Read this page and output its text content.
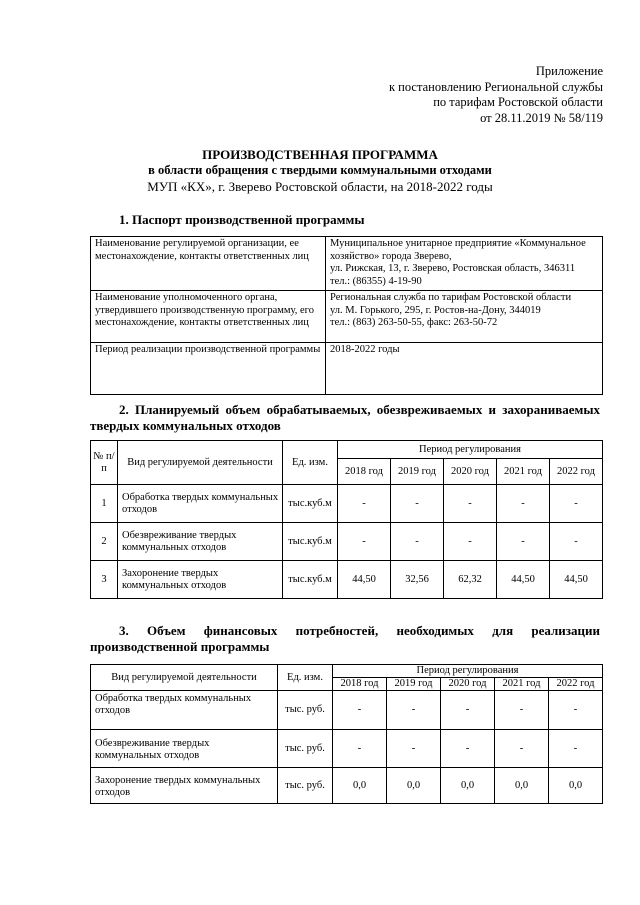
Приложение
к постановлению Региональной службы
по тарифам Ростовской области
от 28.11.2019 № 58/119
ПРОИЗВОДСТВЕННАЯ ПРОГРАММА
в области обращения с твердыми коммунальными отходами
МУП «КХ», г. Зверево Ростовской области, на 2018-2022 годы
1. Паспорт производственной программы
Наименование регулируемой организации, ее местонахождение, контакты ответственных лиц	Муниципальное унитарное предприятие «Коммунальное хозяйство» города Зверево,
ул. Рижская, 13, г. Зверево, Ростовская область, 346311
тел.: (86355) 4-19-90

Наименование уполномоченного органа, утвердившего производственную программу, его местонахождение, контакты ответственных лиц	Региональная служба по тарифам Ростовской области
ул. М. Горького, 295, г. Ростов-на-Дону, 344019
тел.: (863) 263-50-55, факс: 263-50-72

Период реализации производственной программы	2018-2022 годы
2. Планируемый объем обрабатываемых, обезвреживаемых и захораниваемых твердых коммунальных отходов
№ п/п	Вид регулируемой деятельности	Ед. изм.	Период регулирования				
			2018 год	2019 год	2020 год	2021 год	2022 год
1	Обработка твердых коммунальных отходов	тыс.куб.м	-	-	-	-	-
2	Обезвреживание твердых коммунальных отходов	тыс.куб.м	-	-	-	-	-
3	Захоронение твердых коммунальных отходов	тыс.куб.м	44,50	32,56	62,32	44,50	44,50
3. Объем финансовых потребностей, необходимых для реализации
производственной программы
Вид регулируемой деятельности	Ед. изм.	Период регулирования				
		2018 год	2019 год	2020 год	2021 год	2022 год
Обработка твердых коммунальных отходов	тыс. руб.	-	-	-	-	-
Обезвреживание твердых коммунальных отходов	тыс. руб.	-	-	-	-	-
Захоронение твердых коммунальных отходов	тыс. руб.	0,0	0,0	0,0	0,0	0,0
